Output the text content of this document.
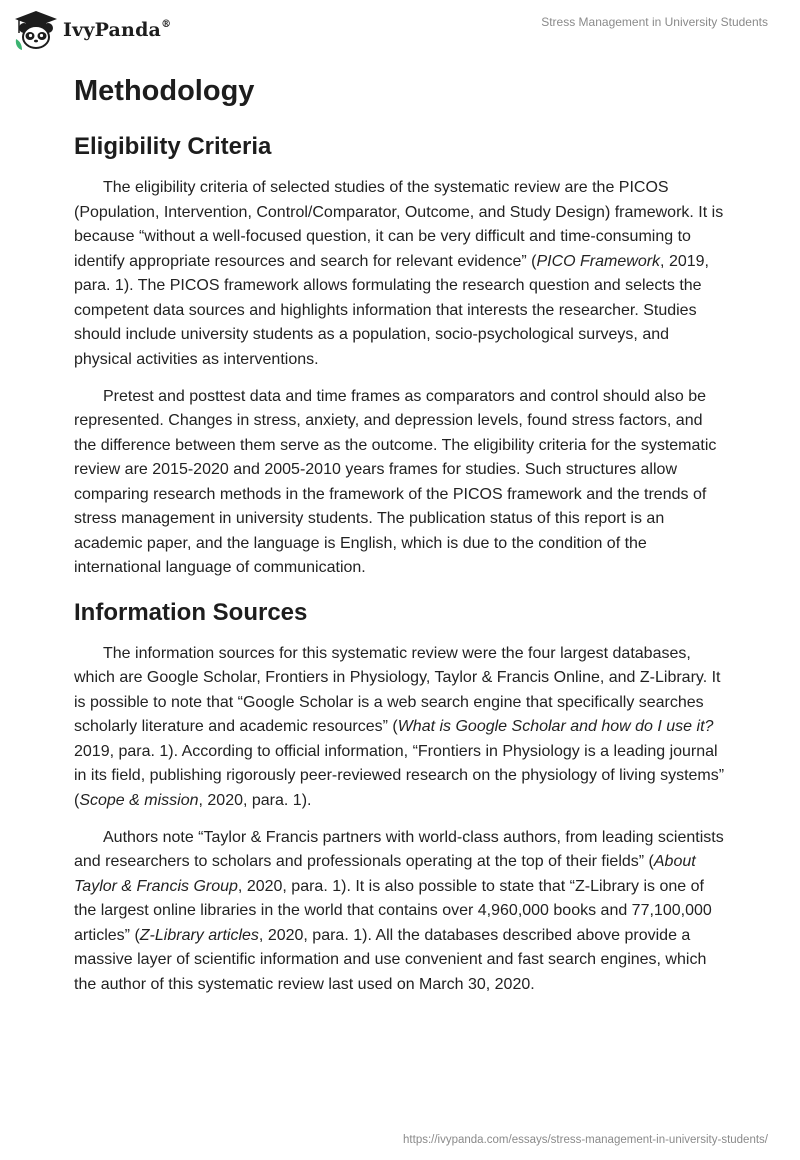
IvyPanda®	Stress Management in University Students
Methodology
Eligibility Criteria

The eligibility criteria of selected studies of the systematic review are the PICOS (Population, Intervention, Control/Comparator, Outcome, and Study Design) framework. It is because “without a well-focused question, it can be very difficult and time-consuming to identify appropriate resources and search for relevant evidence” (PICO Framework, 2019, para. 1). The PICOS framework allows formulating the research question and selects the competent data sources and highlights information that interests the researcher. Studies should include university students as a population, socio-psychological surveys, and physical activities as interventions.

Pretest and posttest data and time frames as comparators and control should also be represented. Changes in stress, anxiety, and depression levels, found stress factors, and the difference between them serve as the outcome. The eligibility criteria for the systematic review are 2015-2020 and 2005-2010 years frames for studies. Such structures allow comparing research methods in the framework of the PICOS framework and the trends of stress management in university students. The publication status of this report is an academic paper, and the language is English, which is due to the condition of the international language of communication.

Information Sources

The information sources for this systematic review were the four largest databases, which are Google Scholar, Frontiers in Physiology, Taylor & Francis Online, and Z-Library. It is possible to note that “Google Scholar is a web search engine that specifically searches scholarly literature and academic resources” (What is Google Scholar and how do I use it? 2019, para. 1). According to official information, “Frontiers in Physiology is a leading journal in its field, publishing rigorously peer-reviewed research on the physiology of living systems” (Scope & mission, 2020, para. 1).

Authors note “Taylor & Francis partners with world-class authors, from leading scientists and researchers to scholars and professionals operating at the top of their fields” (About Taylor & Francis Group, 2020, para. 1). It is also possible to state that “Z-Library is one of the largest online libraries in the world that contains over 4,960,000 books and 77,100,000 articles” (Z-Library articles, 2020, para. 1). All the databases described above provide a massive layer of scientific information and use convenient and fast search engines, which the author of this systematic review last used on March 30, 2020.

https://ivypanda.com/essays/stress-management-in-university-students/
